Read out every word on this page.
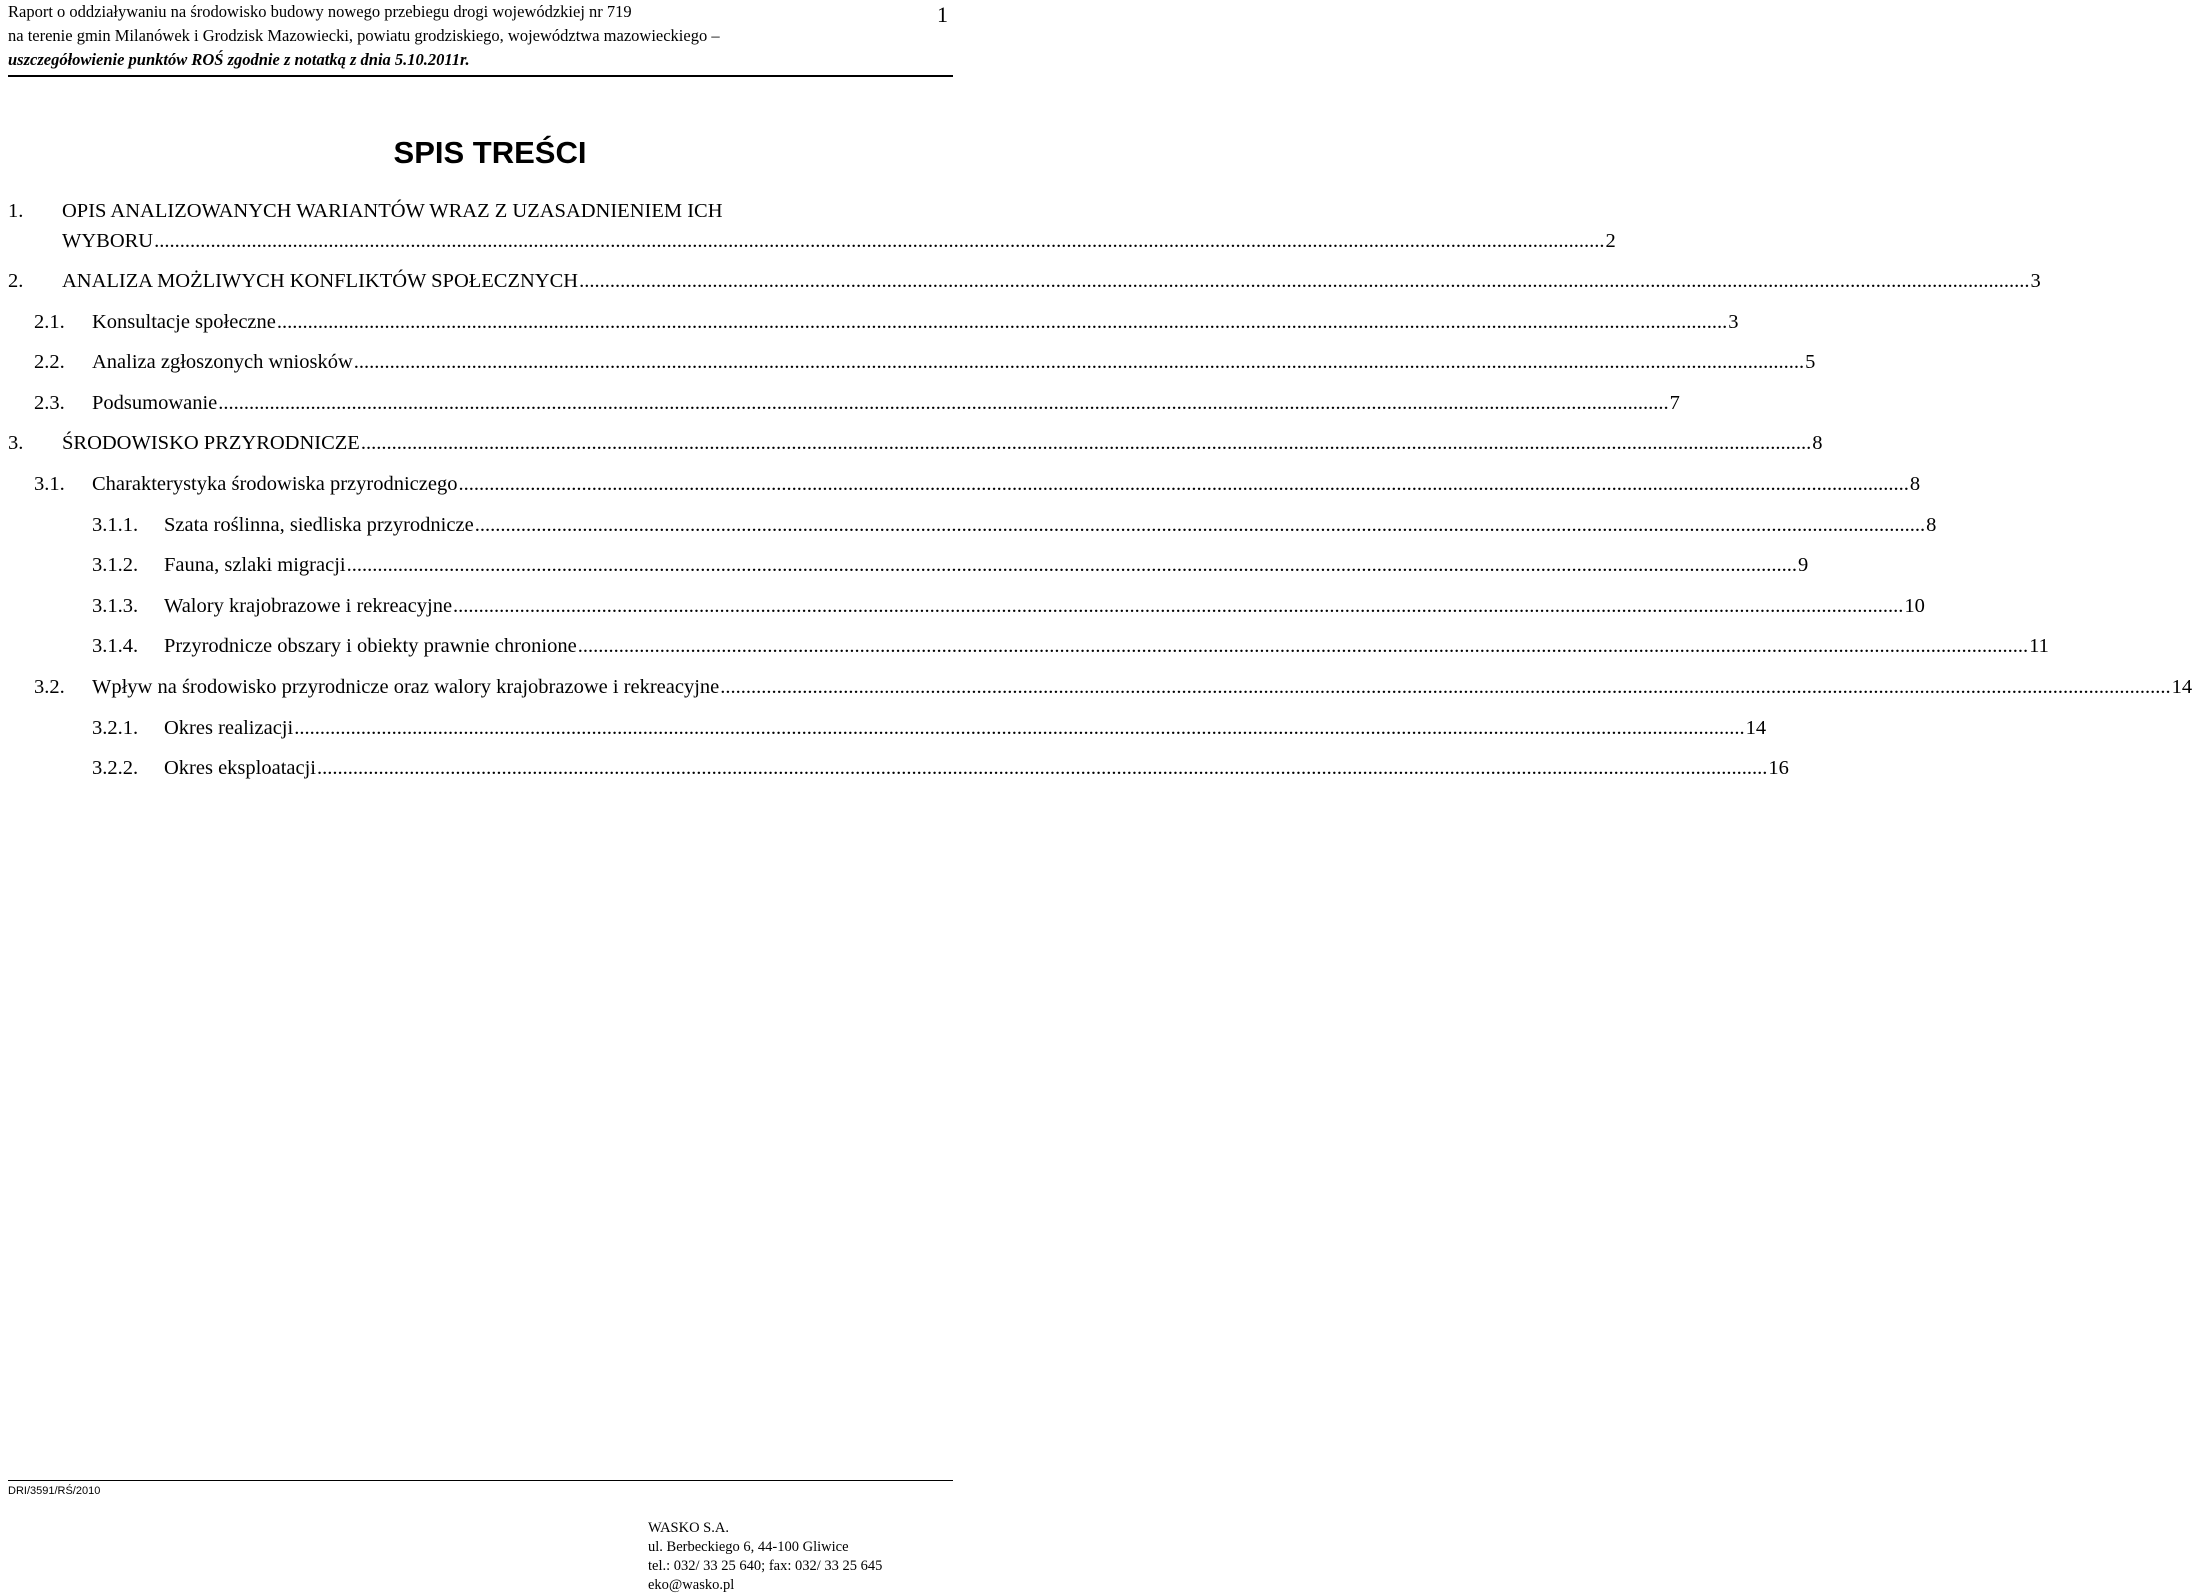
Raport o oddziaływaniu na środowisko budowy nowego przebiegu drogi wojewódzkiej nr 719
na terenie gmin Milanówek i Grodzisk Mazowiecki, powiatu grodziskiego, województwa mazowieckiego –
uszczegółowienie punktów ROŚ zgodnie z notatką z dnia 5.10.2011r.
1
SPIS TREŚCI
1.	OPIS ANALIZOWANYCH WARIANTÓW WRAZ Z UZASADNIENIEM ICH
WYBORU .....	2
2.	ANALIZA MOŻLIWYCH KONFLIKTÓW SPOŁECZNYCH .....	3
2.1.	Konsultacje społeczne .....	3
2.2.	Analiza zgłoszonych wniosków .....	5
2.3.	Podsumowanie .....	7
3.	ŚRODOWISKO PRZYRODNICZE .....	8
3.1.	Charakterystyka środowiska przyrodniczego .....	8
3.1.1.	Szata roślinna, siedliska przyrodnicze .....	8
3.1.2.	Fauna, szlaki migracji .....	9
3.1.3.	Walory krajobrazowe i rekreacyjne .....	10
3.1.4.	Przyrodnicze obszary i obiekty prawnie chronione .....	11
3.2.	Wpływ na środowisko przyrodnicze oraz walory krajobrazowe i rekreacyjne .....	14
3.2.1.	Okres realizacji .....	14
3.2.2.	Okres eksploatacji .....	16
DRI/3591/RŚ/2010
WASKO S.A.
ul. Berbeckiego 6, 44-100 Gliwice
tel.: 032/ 33 25 640; fax: 032/ 33 25 645
eko@wasko.pl
